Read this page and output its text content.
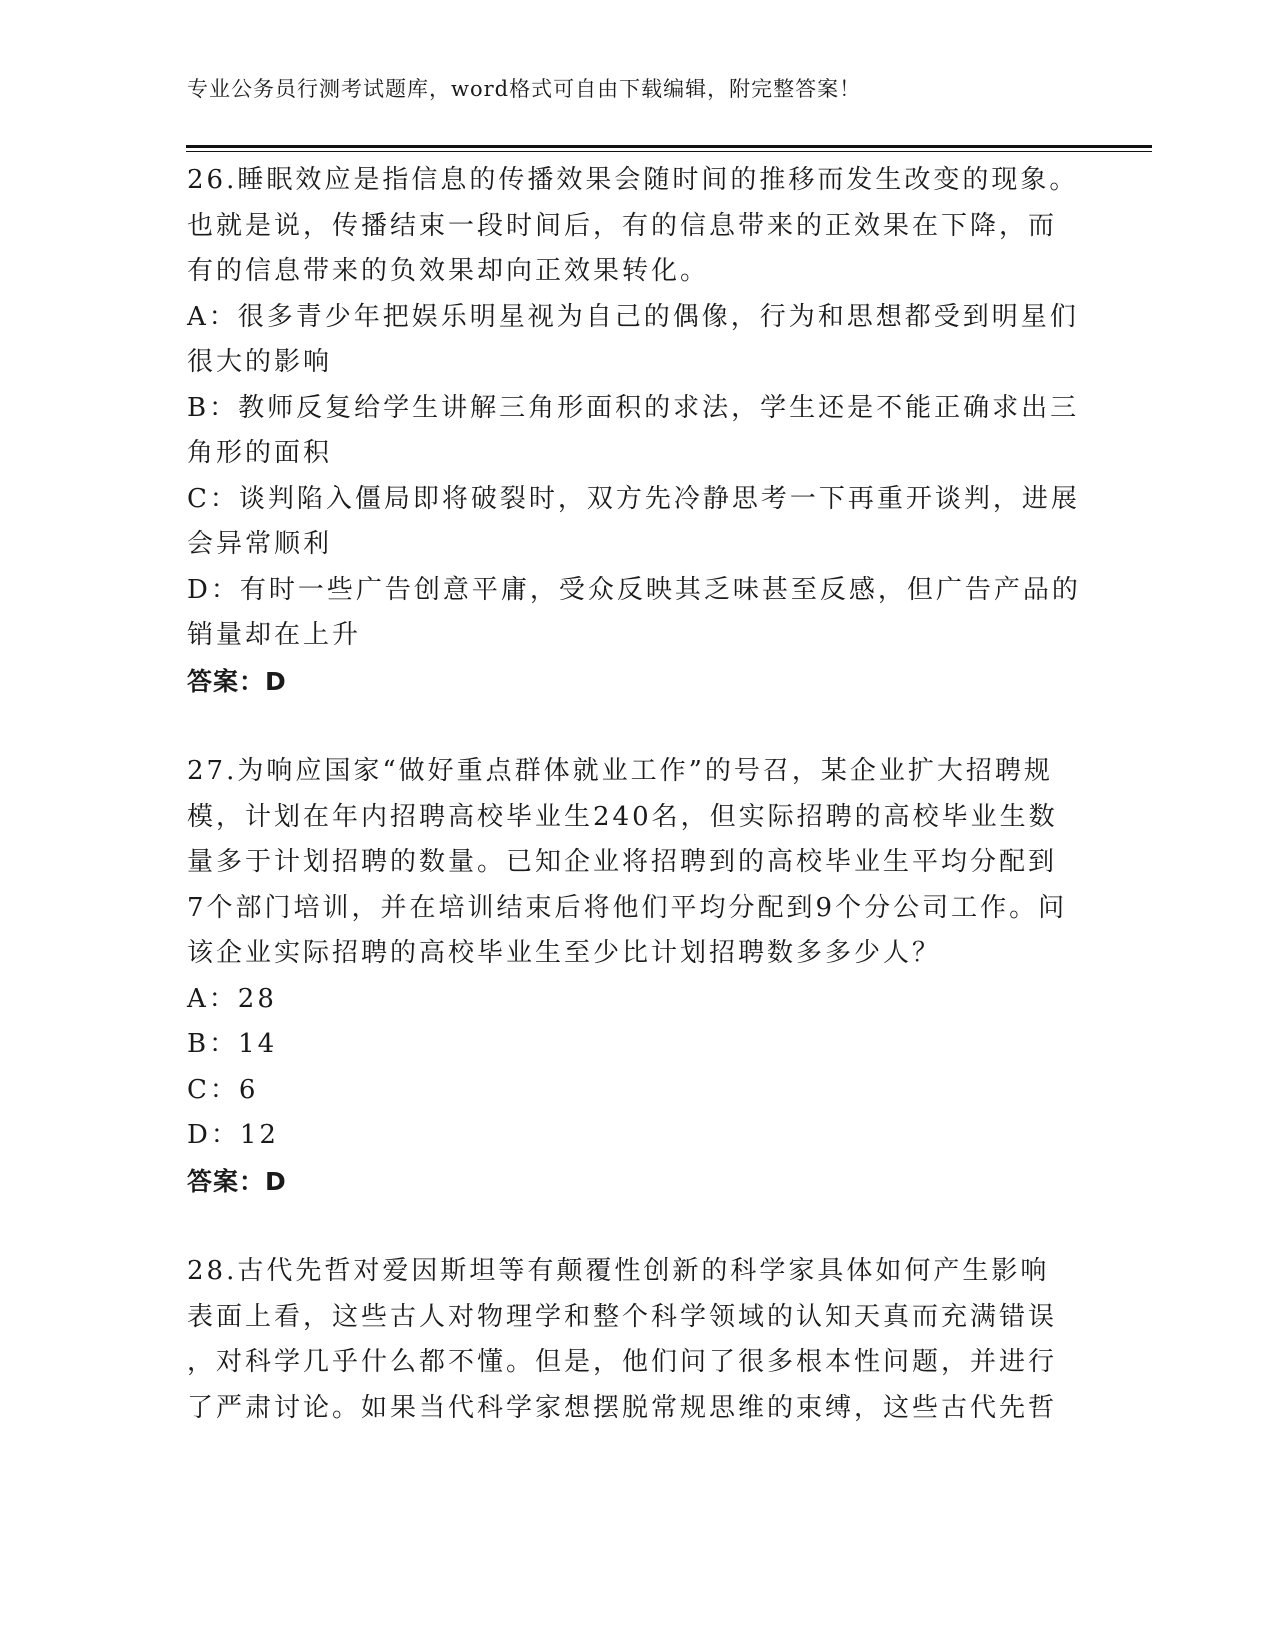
专业公务员行测考试题库，word格式可自由下载编辑，附完整答案！

26.睡眠效应是指信息的传播效果会随时间的推移而发生改变的现象。

也就是说，传播结束一段时间后，有的信息带来的正效果在下降，而

有的信息带来的负效果却向正效果转化。

A：很多青少年把娱乐明星视为自己的偶像，行为和思想都受到明星们

很大的影响

B：教师反复给学生讲解三角形面积的求法，学生还是不能正确求出三

角形的面积

C：谈判陷入僵局即将破裂时，双方先冷静思考一下再重开谈判，进展

会异常顺利

D：有时一些广告创意平庸，受众反映其乏味甚至反感，但广告产品的

销量却在上升

答案：D

27.为响应国家“做好重点群体就业工作”的号召，某企业扩大招聘规

模，计划在年内招聘高校毕业生240名，但实际招聘的高校毕业生数

量多于计划招聘的数量。已知企业将招聘到的高校毕业生平均分配到

7个部门培训，并在培训结束后将他们平均分配到9个分公司工作。问

该企业实际招聘的高校毕业生至少比计划招聘数多多少人？

A：28

B：14

C：6

D：12

答案：D

28.古代先哲对爱因斯坦等有颠覆性创新的科学家具体如何产生影响

表面上看，这些古人对物理学和整个科学领域的认知天真而充满错误

，对科学几乎什么都不懂。但是，他们问了很多根本性问题，并进行

了严肃讨论。如果当代科学家想摆脱常规思维的束缚，这些古代先哲
